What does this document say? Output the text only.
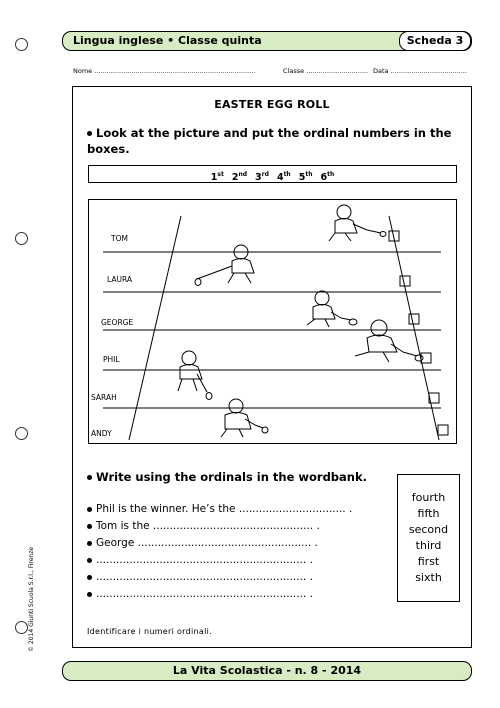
Lingua inglese • Classe quinta	Scheda 3
Nome ..............................................................................	Classe .............................. Data .....................................
© 2014 Giunti Scuola S.r.l., Firenze
EASTER EGG ROLL
Look at the picture and put the ordinal numbers in the boxes.
1st 2nd 3rd 4th 5th 6th
TOM
LAURA
GEORGE
PHIL
SARAH
ANDY
Write using the ordinals in the wordbank.
Phil is the winner. He’s the ................................ .
Tom is the ................................................ .
George .................................................... .
............................................................... .
............................................................... .
............................................................... .
fourth
fifth
second
third
first
sixth
Identificare i numeri ordinali.
La Vita Scolastica - n. 8 - 2014
